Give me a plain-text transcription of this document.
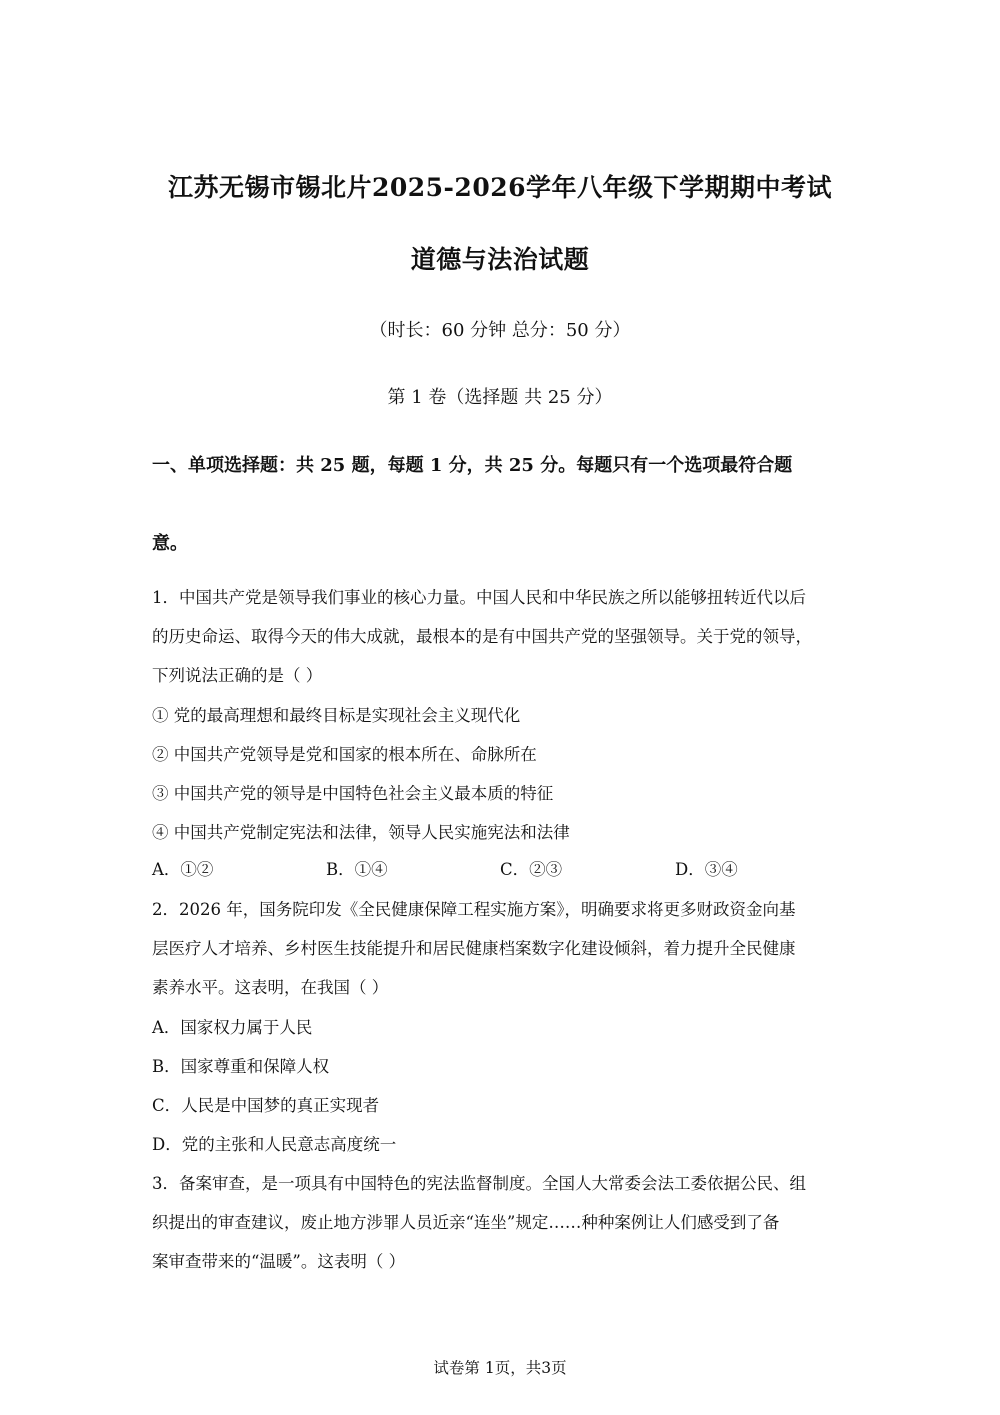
江苏无锡市锡北片2025-2026学年八年级下学期期中考试
道德与法治试题
（时长：60 分钟 总分：50 分）
第 1 卷（选择题 共 25 分）
一、单项选择题：共 25 题，每题 1 分，共 25 分。每题只有一个选项最符合题
意。
1．中国共产党是领导我们事业的核心力量。中国人民和中华民族之所以能够扭转近代以后
的历史命运、取得今天的伟大成就，最根本的是有中国共产党的坚强领导。关于党的领导，
下列说法正确的是（ ）
① 党的最高理想和最终目标是实现社会主义现代化
② 中国共产党领导是党和国家的根本所在、命脉所在
③ 中国共产党的领导是中国特色社会主义最本质的特征
④ 中国共产党制定宪法和法律，领导人民实施宪法和法律
A．①②	B．①④	C．②③	D．③④
2．2026 年，国务院印发《全民健康保障工程实施方案》，明确要求将更多财政资金向基
层医疗人才培养、乡村医生技能提升和居民健康档案数字化建设倾斜，着力提升全民健康
素养水平。这表明，在我国（ ）
A．国家权力属于人民
B．国家尊重和保障人权
C．人民是中国梦的真正实现者
D．党的主张和人民意志高度统一
3．备案审查，是一项具有中国特色的宪法监督制度。全国人大常委会法工委依据公民、组
织提出的审查建议，废止地方涉罪人员近亲“连坐”规定……种种案例让人们感受到了备
案审查带来的“温暖”。这表明（ ）
试卷第 1页，共3页
